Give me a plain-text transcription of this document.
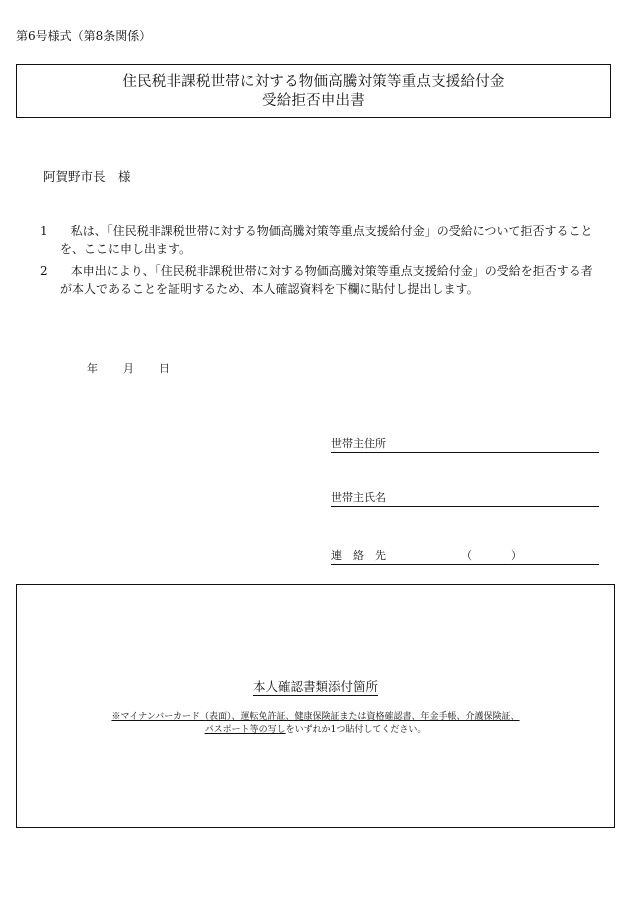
第6号様式（第8条関係）
住民税非課税世帯に対する物価高騰対策等重点支援給付金
受給拒否申出書
阿賀野市長　様
1	私は、「住民税非課税世帯に対する物価高騰対策等重点支援給付金」の受給について拒否することを、ここに申し出ます。
2	本申出により、「住民税非課税世帯に対する物価高騰対策等重点支援給付金」の受給を拒否する者が本人であることを証明するため、本人確認資料を下欄に貼付し提出します。
年 月 日
世帯主住所
世帯主氏名
連絡先	（	）
本人確認書類添付箇所
※マイナンバーカード（表面）、運転免許証、健康保険証または資格確認書、年金手帳、介護保険証、
パスポート等の写しをいずれか1つ貼付してください。
